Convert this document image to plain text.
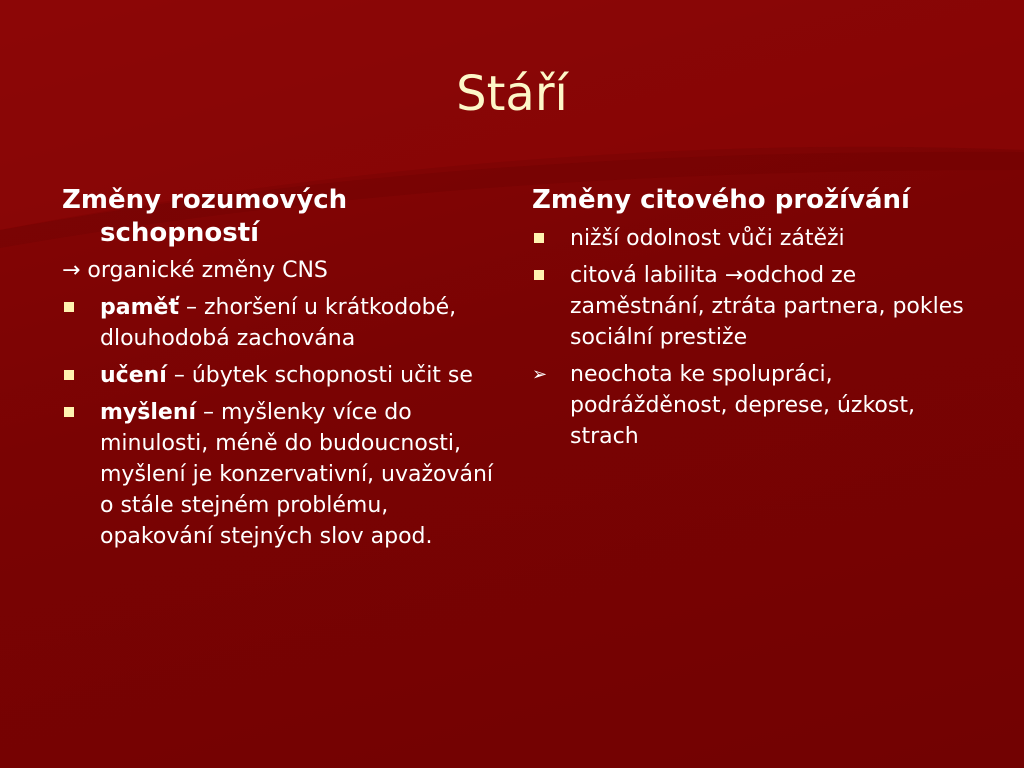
Stáří
Změny rozumových schopností
→ organické změny CNS
paměť – zhoršení u krátkodobé, dlouhodobá zachována
učení – úbytek schopnosti učit se
myšlení – myšlenky více do minulosti, méně do budoucnosti, myšlení je konzervativní, uvažování o stále stejném problému, opakování stejných slov apod.
Změny citového prožívání
nižší odolnost vůči zátěži
citová labilita →odchod ze zaměstnání, ztráta partnera, pokles sociální prestiže
➢ neochota ke spolupráci, podrážděnost, deprese, úzkost, strach
